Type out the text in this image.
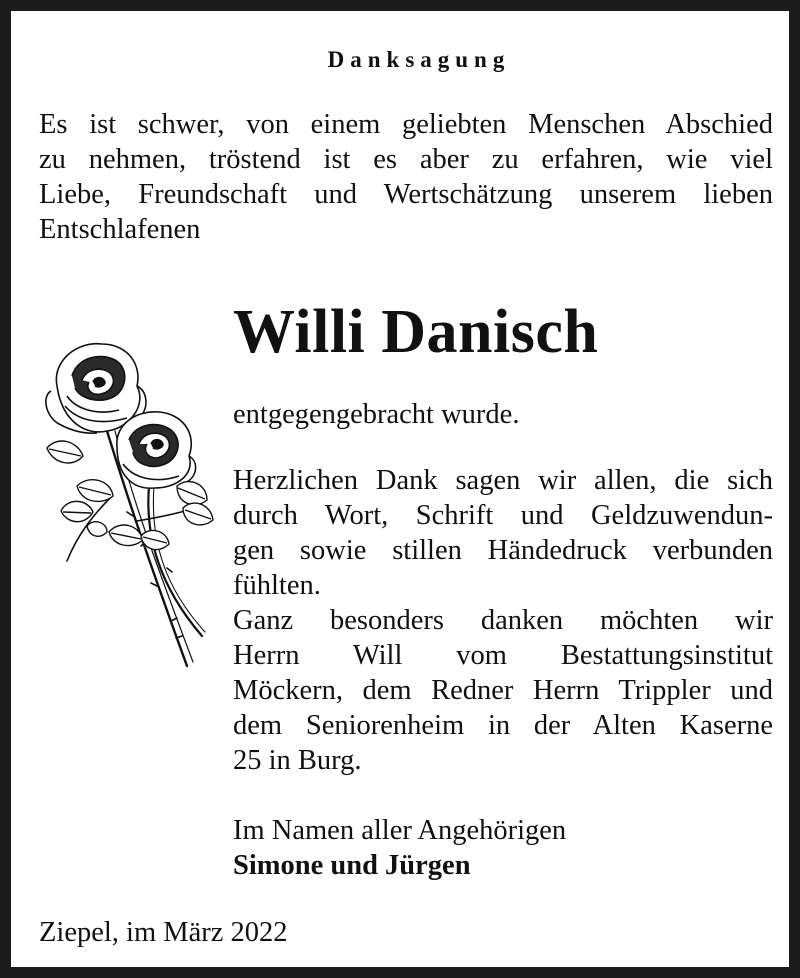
Danksagung
Es ist schwer, von einem geliebten Menschen Abschied
zu nehmen, tröstend ist es aber zu erfahren, wie viel
Liebe, Freundschaft und Wertschätzung unserem lieben
Entschlafenen
Willi Danisch
entgegengebracht wurde.
Herzlichen Dank sagen wir allen, die sich
durch Wort, Schrift und Geldzuwendun-
gen sowie stillen Händedruck verbunden
fühlten.
Ganz besonders danken möchten wir
Herrn Will vom Bestattungsinstitut
Möckern, dem Redner Herrn Trippler und
dem Seniorenheim in der Alten Kaserne
25 in Burg.
Im Namen aller Angehörigen
Simone und Jürgen
Ziepel, im März 2022
